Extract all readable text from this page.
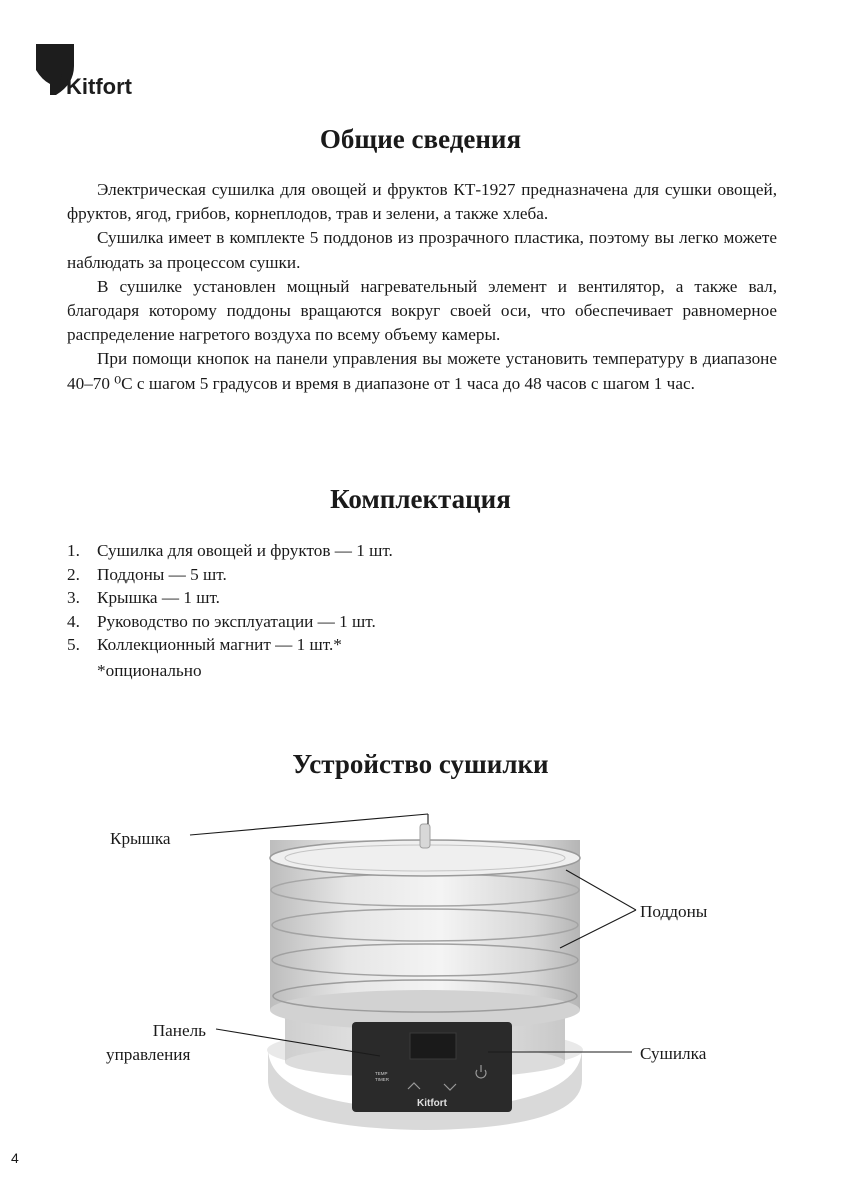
Kitfort
Общие сведения

Электрическая сушилка для овощей и фруктов КТ-1927 предназначена для сушки овощей, фруктов, ягод, грибов, корнеплодов, трав и зелени, а также хлеба.

Сушилка имеет в комплекте 5 поддонов из прозрачного пластика, поэтому вы легко можете наблюдать за процессом сушки.

В сушилке установлен мощный нагревательный элемент и вентилятор, а также вал, благодаря которому поддоны вращаются вокруг своей оси, что обеспечивает равномерное распределение нагретого воздуха по всему объему камеры.

При помощи кнопок на панели управления вы можете установить температуру в диапазоне 40–70 ⁰С с шагом 5 градусов и время в диапазоне от 1 часа до 48 часов с шагом 1 час.

Комплектация
1. Сушилка для овощей и фруктов — 1 шт.
2. Поддоны — 5 шт.
3. Крышка — 1 шт.
4. Руководство по эксплуатации — 1 шт.
5. Коллекционный магнит — 1 шт.*
*опционально
Устройство сушилки
TEMP
TIMER
Kitfort
Крышка
Поддоны
Панель
управления	Сушилка
4
